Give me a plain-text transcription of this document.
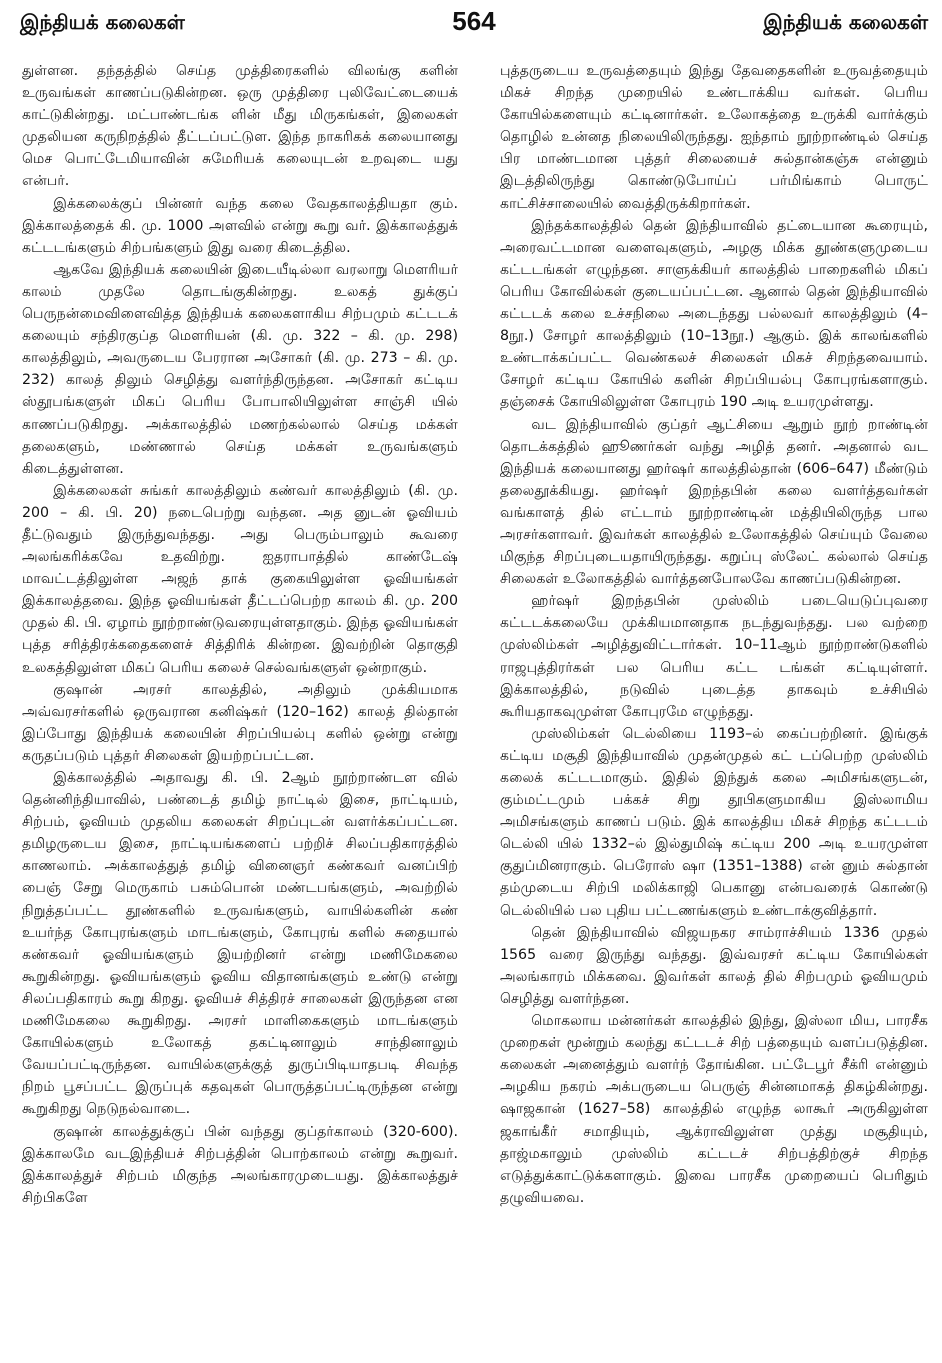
இந்தியக் கலைகள்	564	இந்தியக் கலைகள்

துள்ளன. தந்தத்தில் செய்த முத்திரைகளில் விலங்கு களின் உருவங்கள் காணப்படுகின்றன. ஒரு முத்திரை புலிவேட்டையைக் காட்டுகின்றது. மட்பாண்டங்க ளின் மீது மிருகங்கள், இலைகள் முதலியன கருநிறத்தில் தீட்டப்பட்டுள. இந்த நாகரிகக் கலையானது மெச பொட்டேமியாவின் சுமேரியக் கலையுடன் உறவுடை யது என்பர்.

இக்கலைக்குப் பின்னர் வந்த கலை வேதகாலத்தியதா கும். இக்காலத்தைக் கி. மு. 1000 அளவில் என்று கூறு வர். இக்காலத்துக் கட்டடங்களும் சிற்பங்களும் இது வரை கிடைத்தில.

ஆகவே இந்தியக் கலையின் இடையீடில்லா வரலாறு மௌரியர் காலம் முதலே தொடங்குகின்றது. உலகத் துக்குப் பெருநன்மைவிளைவித்த இந்தியக் கலைகளாகிய சிற்பமும் கட்டடக் கலையும் சந்திரகுப்த மௌரியன் (கி. மு. 322 – கி. மு. 298) காலத்திலும், அவருடைய பேரரான அசோகர் (கி. மு. 273 – கி. மு. 232) காலத் திலும் செழித்து வளர்ந்திருந்தன. அசோகர் கட்டிய ஸ்தூபங்களுள் மிகப் பெரிய போபாலியிலுள்ள சாஞ்சி யில் காணப்படுகிறது. அக்காலத்தில் மணற்கல்லால் செய்த மக்கள் தலைகளும், மண்ணால் செய்த மக்கள் உருவங்களும் கிடைத்துள்ளன.

இக்கலைகள் சுங்கர் காலத்திலும் கண்வர் காலத்திலும் (கி. மு. 200 – கி. பி. 20) நடைபெற்று வந்தன. அத னுடன் ஓவியம் தீட்டுவதும் இருந்துவந்தது. அது பெரும்பாலும் கூவரை அலங்கரிக்கவே உதவிற்று. ஐதராபாத்தில் காண்டேஷ் மாவட்டத்திலுள்ள அஜந் தாக் குகையிலுள்ள ஓவியங்கள் இக்காலத்தவை. இந்த ஓவியங்கள் தீட்டப்பெற்ற காலம் கி. மு. 200 முதல் கி. பி. ஏழாம் நூற்றாண்டுவரையுள்ளதாகும். இந்த ஓவியங்கள் புத்த சரித்திரக்கதைகளைச் சித்திரிக் கின்றன. இவற்றின் தொகுதி உலகத்திலுள்ள மிகப் பெரிய கலைச் செல்வங்களுள் ஒன்றாகும்.

குஷான் அரசர் காலத்தில், அதிலும் முக்கியமாக அவ்வரசர்களில் ஒருவரான கனிஷ்கர் (120–162) காலத் தில்தான் இப்போது இந்தியக் கலையின் சிறப்பியல்பு களில் ஒன்று என்று கருதப்படும் புத்தர் சிலைகள் இயற்றப்பட்டன.

இக்காலத்தில் அதாவது கி. பி. 2ஆம் நூற்றாண்டள வில் தென்னிந்தியாவில், பண்டைத் தமிழ் நாட்டில் இசை, நாட்டியம், சிற்பம், ஓவியம் முதலிய கலைகள் சிறப்புடன் வளர்க்கப்பட்டன. தமிழருடைய இசை, நாட்டியங்களைப் பற்றிச் சிலப்பதிகாரத்தில் காணலாம். அக்காலத்துத் தமிழ் வினைஞர் கண்கவர் வனப்பிற் பைஞ் சேறு மெருகாம் பசும்பொன் மண்டபங்களும், அவற்றில் நிறுத்தப்பட்ட தூண்களில் உருவங்களும், வாயில்களின் கண் உயர்ந்த கோபுரங்களும் மாடங்களும், கோபுரங் களில் சுதையால் கண்கவர் ஓவியங்களும் இயற்றினர் என்று மணிமேகலை கூறுகின்றது. ஓவியங்களும் ஓவிய விதானங்களும் உண்டு என்று சிலப்பதிகாரம் கூறு கிறது. ஓவியச் சித்திரச் சாலைகள் இருந்தன என மணிமேகலை கூறுகிறது. அரசர் மாளிகைகளும் மாடங்களும் கோயில்களும் உலோகத் தகட்டினாலும் சாந்தினாலும் வேயப்பட்டிருந்தன. வாயில்களுக்குத் துருப்பிடியாதபடி சிவந்த நிறம் பூசப்பட்ட இருப்புக் கதவுகள் பொருத்தப்பட்டிருந்தன என்று கூறுகிறது நெடுநல்வாடை.

குஷான் காலத்துக்குப் பின் வந்தது குப்தர்காலம் (320-600). இக்காலமே வடஇந்தியச் சிற்பத்தின் பொற்காலம் என்று கூறுவர். இக்காலத்துச் சிற்பம் மிகுந்த அலங்காரமுடையது. இக்காலத்துச் சிற்பிகளே

புத்தருடைய உருவத்தையும் இந்து தேவதைகளின் உருவத்தையும் மிகச் சிறந்த முறையில் உண்டாக்கிய வர்கள். பெரிய கோயில்களையும் கட்டினார்கள். உலோகத்தை உருக்கி வார்க்கும் தொழில் உன்னத நிலையிலிருந்தது. ஐந்தாம் நூற்றாண்டில் செய்த பிர மாண்டமான புத்தர் சிலையைச் சுல்தான்கஞ்சு என்னும் இடத்திலிருந்து கொண்டுபோய்ப் பர்மிங்காம் பொருட் காட்சிச்சாலையில் வைத்திருக்கிறார்கள்.

இந்தக்காலத்தில் தென் இந்தியாவில் தட்டையான கூரையும், அரைவட்டமான வளைவுகளும், அழகு மிக்க தூண்களுமுடைய கட்டடங்கள் எழுந்தன. சாளுக்கியர் காலத்தில் பாறைகளில் மிகப் பெரிய கோவில்கள் குடையப்பட்டன. ஆனால் தென் இந்தியாவில் கட்டடக் கலை உச்சநிலை அடைந்தது பல்லவர் காலத்திலும் (4–8நூ.) சோழர் காலத்திலும் (10–13நூ.) ஆகும். இக் காலங்களில் உண்டாக்கப்பட்ட வெண்கலச் சிலைகள் மிகச் சிறந்தவையாம். சோழர் கட்டிய கோயில் களின் சிறப்பியல்பு கோபுரங்களாகும். தஞ்சைக் கோயிலிலுள்ள கோபுரம் 190 அடி உயரமுள்ளது.

வட இந்தியாவில் குப்தர் ஆட்சியை ஆறும் நூற் றாண்டின் தொடக்கத்தில் ஹூணர்கள் வந்து அழித் தனர். அதனால் வட இந்தியக் கலையானது ஹர்ஷர் காலத்தில்தான் (606–647) மீண்டும் தலைதூக்கியது. ஹர்ஷர் இறந்தபின் கலை வளர்த்தவர்கள் வங்காளத் தில் எட்டாம் நூற்றாண்டின் மத்தியிலிருந்த பால அரசர்களாவர். இவர்கள் காலத்தில் உலோகத்தில் செய்யும் வேலை மிகுந்த சிறப்புடையதாயிருந்தது. கறுப்பு ஸ்லேட் கல்லால் செய்த சிலைகள் உலோகத்தில் வார்த்தனபோலவே காணப்படுகின்றன.

ஹர்ஷர் இறந்தபின் முஸ்லிம் படையெடுப்புவரை கட்டடக்கலையே முக்கியமானதாக நடந்துவந்தது. பல வற்றை முஸ்லிம்கள் அழித்துவிட்டார்கள். 10–11ஆம் நூற்றாண்டுகளில் ராஜபுத்திரர்கள் பல பெரிய கட்ட டங்கள் கட்டியுள்ளர். இக்காலத்தில், நடுவில் புடைத்த தாகவும் உச்சியில் கூரியதாகவுமுள்ள கோபுரமே எழுந்தது.

முஸ்லிம்கள் டெல்லியை 1193–ல் கைப்பற்றினர். இங்குக் கட்டிய மசூதி இந்தியாவில் முதன்முதல் கட் டப்பெற்ற முஸ்லிம் கலைக் கட்டடமாகும். இதில் இந்துக் கலை அமிசங்களுடன், கும்மட்டமும் பக்கச் சிறு தூபிகளுமாகிய இஸ்லாமிய அமிசங்களும் காணப் படும். இக் காலத்திய மிகச் சிறந்த கட்டடம் டெல்லி யில் 1332–ல் இல்துமிஷ் கட்டிய 200 அடி உயரமுள்ள குதுப்மினராகும். பெரோஸ் ஷா (1351–1388) என் னும் சுல்தான் தம்முடைய சிற்பி மலிக்காஜி பெகானு என்பவரைக் கொண்டு டெல்லியில் பல புதிய பட்டணங்களும் உண்டாக்குவித்தார்.

தென் இந்தியாவில் விஜயநகர சாம்ராச்சியம் 1336 முதல் 1565 வரை இருந்து வந்தது. இவ்வரசர் கட்டிய கோயில்கள் அலங்காரம் மிக்கவை. இவர்கள் காலத் தில் சிற்பமும் ஓவியமும் செழித்து வளர்ந்தன.

மொகலாய மன்னர்கள் காலத்தில் இந்து, இஸ்லா மிய, பாரசீக முறைகள் மூன்றும் கலந்து கட்டடச் சிற் பத்தையும் வளப்படுத்தின. கலைகள் அனைத்தும் வளர்ந் தோங்கின. பட்டேபூர் சீக்ரி என்னும் அழகிய நகரம் அக்பருடைய பெருஞ் சின்னமாகத் திகழ்கின்றது. ஷாஜகான் (1627–58) காலத்தில் எழுந்த லாகூர் அருகிலுள்ள ஜகாங்கீர் சமாதியும், ஆக்ராவிலுள்ள முத்து மசூதியும், தாஜ்மகாலும் முஸ்லிம் கட்டடச் சிற்பத்திற்குச் சிறந்த எடுத்துக்காட்டுக்களாகும். இவை பாரசீக முறையைப் பெரிதும் தழுவியவை.
